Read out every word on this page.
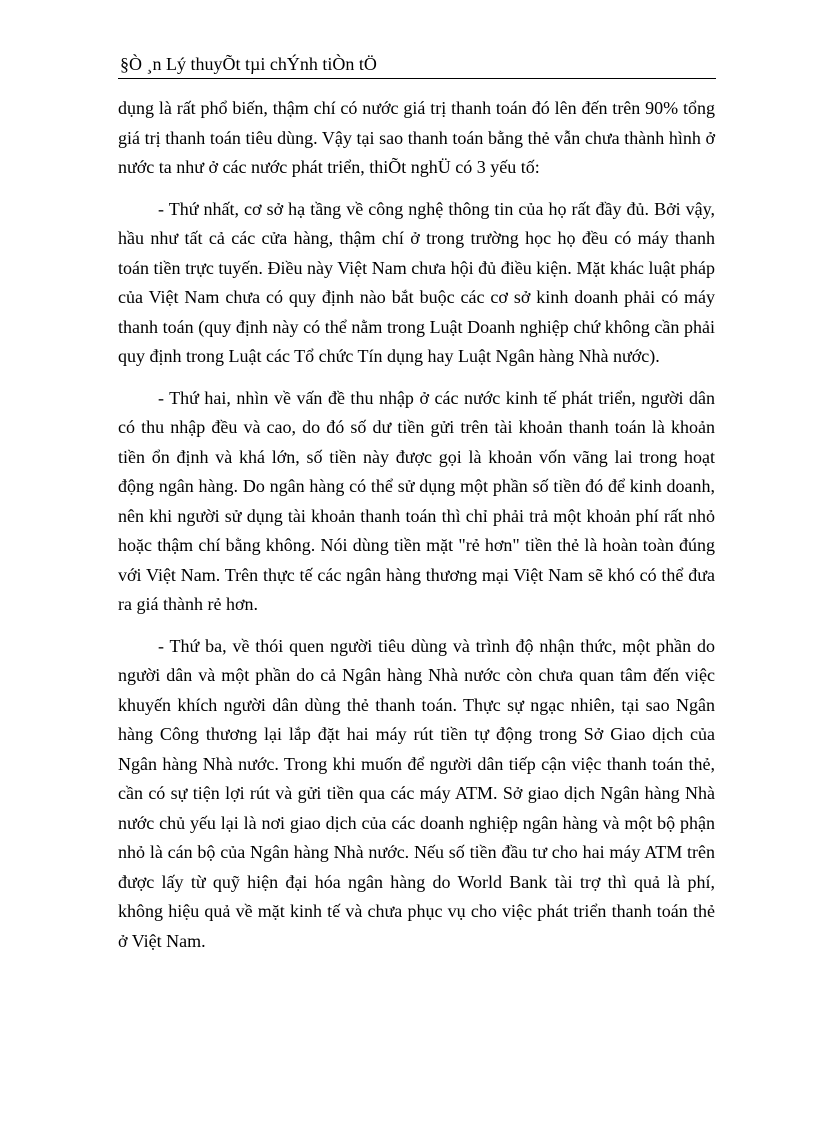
§Ò ¸n Lý thuyÕt tµi chÝnh tiÒn tÖ

dụng là rất phổ biến, thậm chí có nước giá trị thanh toán đó lên đến trên 90% tổng giá trị thanh toán tiêu dùng. Vậy tại sao thanh toán bằng thẻ vẫn chưa thành hình ở nước ta như ở các nước phát triển, thiÕt nghÜ có 3 yếu tố:

- Thứ nhất, cơ sở hạ tầng về công nghệ thông tin của họ rất đầy đủ. Bởi vậy, hầu như tất cả các cửa hàng, thậm chí ở trong trường học họ đều có máy thanh toán tiền trực tuyến. Điều này Việt Nam chưa hội đủ điều kiện. Mặt khác luật pháp của Việt Nam chưa có quy định nào bắt buộc các cơ sở kinh doanh phải có máy thanh toán (quy định này có thể nằm trong Luật Doanh nghiệp chứ không cần phải quy định trong Luật các Tổ chức Tín dụng hay Luật Ngân hàng Nhà nước).

- Thứ hai, nhìn về vấn đề thu nhập ở các nước kinh tế phát triển, người dân có thu nhập đều và cao, do đó số dư tiền gửi trên tài khoản thanh toán là khoản tiền ổn định và khá lớn, số tiền này được gọi là khoản vốn vãng lai trong hoạt động ngân hàng. Do ngân hàng có thể sử dụng một phần số tiền đó để kinh doanh, nên khi người sử dụng tài khoản thanh toán thì chỉ phải trả một khoản phí rất nhỏ hoặc thậm chí bằng không. Nói dùng tiền mặt "rẻ hơn" tiền thẻ là hoàn toàn đúng với Việt Nam. Trên thực tế các ngân hàng thương mại Việt Nam sẽ khó có thể đưa ra giá thành rẻ hơn.

- Thứ ba, về thói quen người tiêu dùng và trình độ nhận thức, một phần do người dân và một phần do cả Ngân hàng Nhà nước còn chưa quan tâm đến việc khuyến khích người dân dùng thẻ thanh toán. Thực sự ngạc nhiên, tại sao Ngân hàng Công thương lại lắp đặt hai máy rút tiền tự động trong Sở Giao dịch của Ngân hàng Nhà nước. Trong khi muốn để người dân tiếp cận việc thanh toán thẻ, cần có sự tiện lợi rút và gửi tiền qua các máy ATM. Sở giao dịch Ngân hàng Nhà nước chủ yếu lại là nơi giao dịch của các doanh nghiệp ngân hàng và một bộ phận nhỏ là cán bộ của Ngân hàng Nhà nước. Nếu số tiền đầu tư cho hai máy ATM trên được lấy từ quỹ hiện đại hóa ngân hàng do World Bank tài trợ thì quả là phí, không hiệu quả về mặt kinh tế và chưa phục vụ cho việc phát triển thanh toán thẻ ở Việt Nam.
